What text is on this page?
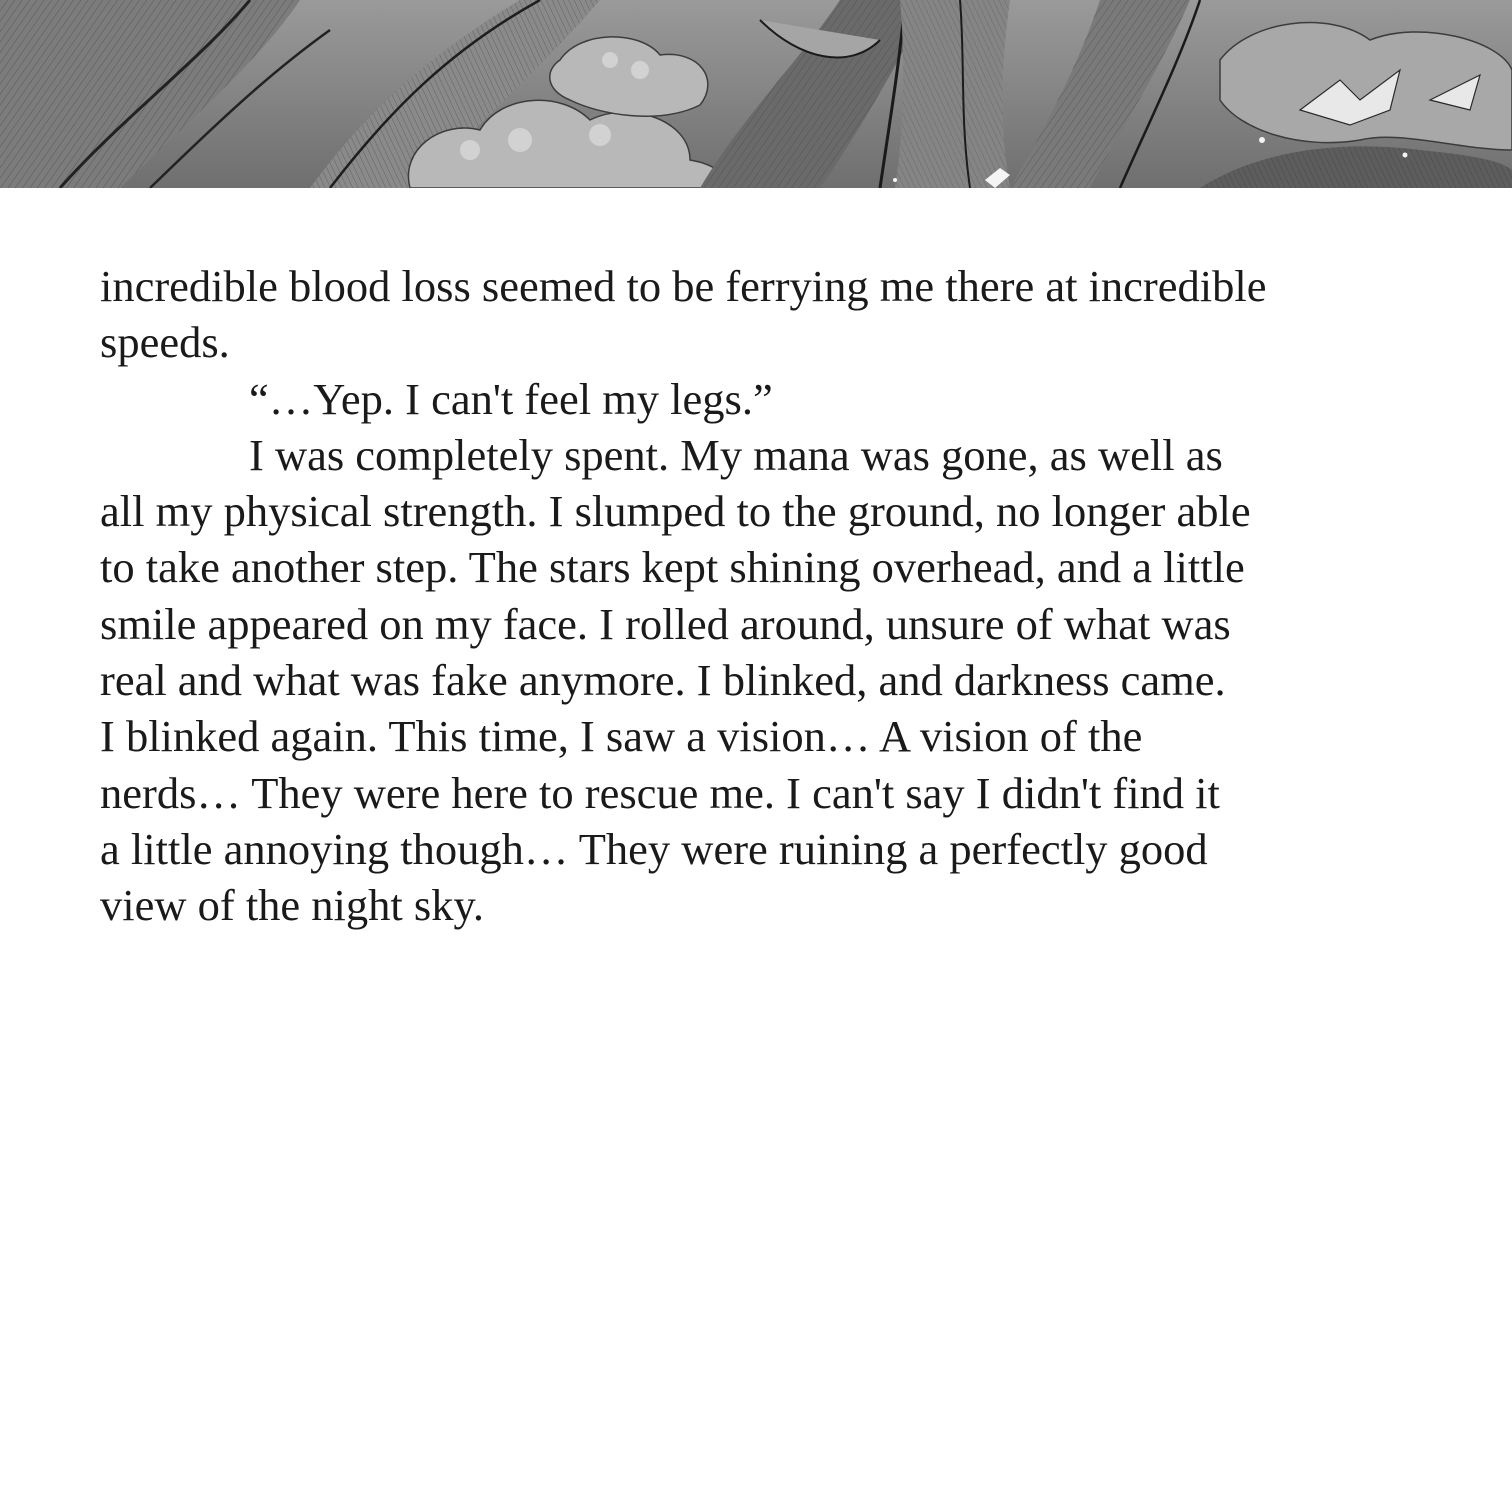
incredible blood loss seemed to be ferrying me there at incredible
speeds.

“…Yep. I can't feel my legs.”

I was completely spent. My mana was gone, as well as
all my physical strength. I slumped to the ground, no longer able
to take another step. The stars kept shining overhead, and a little
smile appeared on my face. I rolled around, unsure of what was
real and what was fake anymore. I blinked, and darkness came.
I blinked again. This time, I saw a vision… A vision of the
nerds… They were here to rescue me. I can't say I didn't find it
a little annoying though… They were ruining a perfectly good
view of the night sky.
